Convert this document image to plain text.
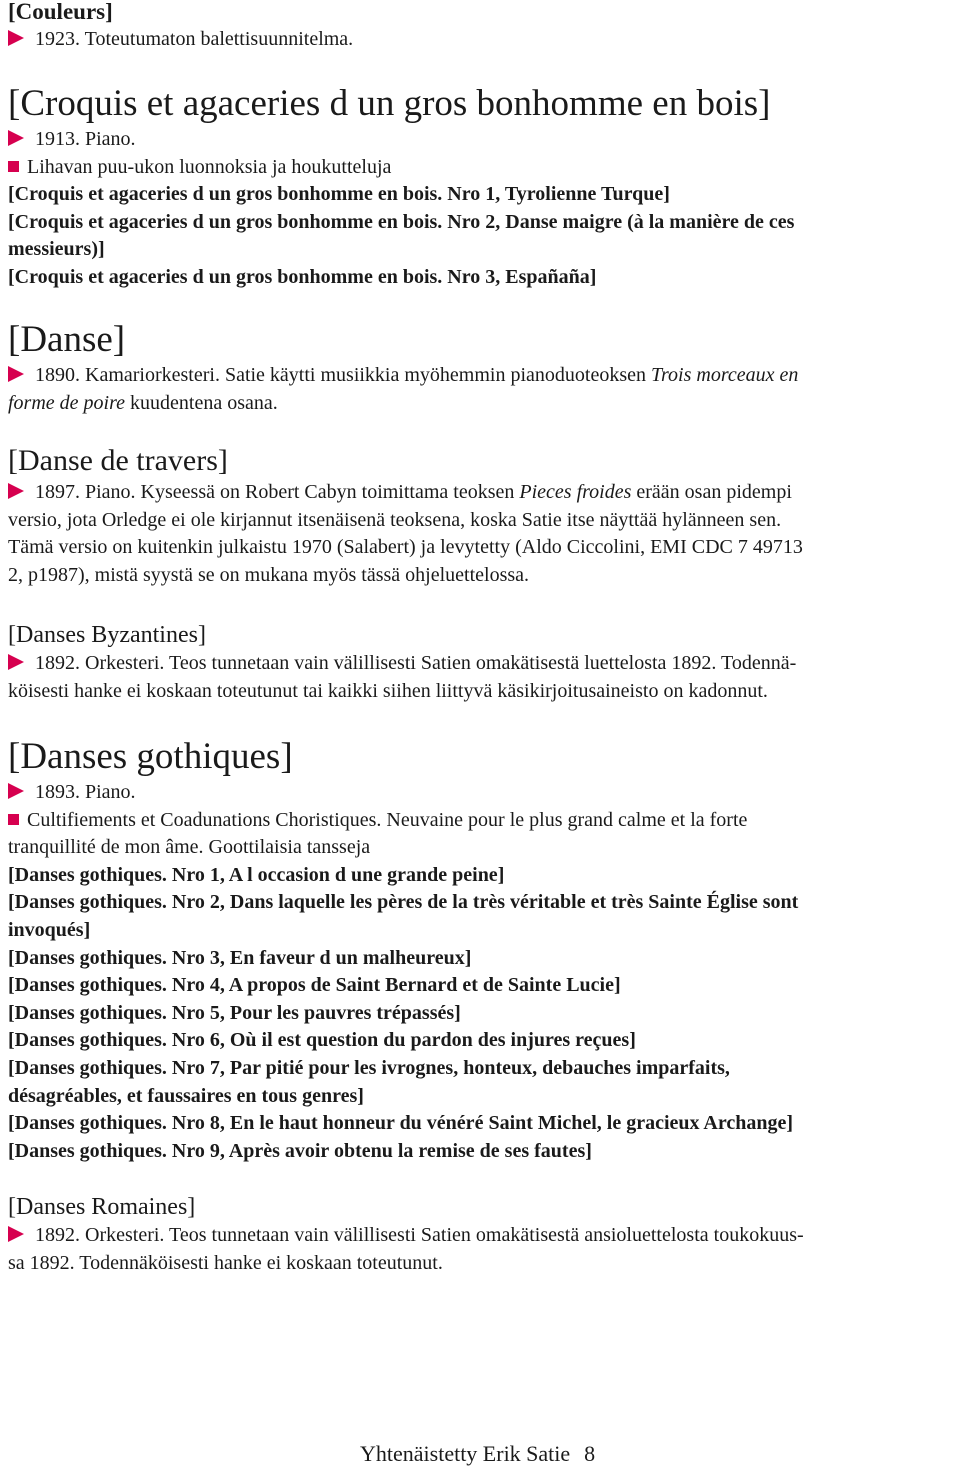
[Couleurs]
1923. Toteutumaton balettisuunnitelma.
[Croquis et agaceries d un gros bonhomme en bois]
1913. Piano.
Lihavan puu-ukon luonnoksia ja houkutteluja
[Croquis et agaceries d un gros bonhomme en bois. Nro 1, Tyrolienne Turque]
[Croquis et agaceries d un gros bonhomme en bois. Nro 2, Danse maigre (à la manière de ces
messieurs)]
[Croquis et agaceries d un gros bonhomme en bois. Nro 3, Españaña]
[Danse]
1890. Kamariorkesteri. Satie käytti musiikkia myöhemmin pianoduoteoksen Trois morceaux en
forme de poire kuudentena osana.
[Danse de travers]
1897. Piano. Kyseessä on Robert Cabyn toimittama teoksen Pieces froides erään osan pidempi
versio, jota Orledge ei ole kirjannut itsenäisenä teoksena, koska Satie itse näyttää hylänneen sen.
Tämä versio on kuitenkin julkaistu 1970 (Salabert) ja levytetty (Aldo Ciccolini, EMI CDC 7 49713
2, p1987), mistä syystä se on mukana myös tässä ohjeluettelossa.
[Danses Byzantines]
1892. Orkesteri. Teos tunnetaan vain välillisesti Satien omakätisestä luettelosta 1892. Todennä-
köisesti hanke ei koskaan toteutunut tai kaikki siihen liittyvä käsikirjoitusaineisto on kadonnut.
[Danses gothiques]
1893. Piano.
Cultifiements et Coadunations Choristiques. Neuvaine pour le plus grand calme et la forte
tranquillité de mon âme. Goottilaisia tansseja
[Danses gothiques. Nro 1, A l occasion d une grande peine]
[Danses gothiques. Nro 2, Dans laquelle les pères de la très véritable et très Sainte Église sont
invoqués]
[Danses gothiques. Nro 3, En faveur d un malheureux]
[Danses gothiques. Nro 4, A propos de Saint Bernard et de Sainte Lucie]
[Danses gothiques. Nro 5, Pour les pauvres trépassés]
[Danses gothiques. Nro 6, Où il est question du pardon des injures reçues]
[Danses gothiques. Nro 7, Par pitié pour les ivrognes, honteux, debauches imparfaits,
désagréables, et faussaires en tous genres]
[Danses gothiques. Nro 8, En le haut honneur du vénéré Saint Michel, le gracieux Archange]
[Danses gothiques. Nro 9, Après avoir obtenu la remise de ses fautes]
[Danses Romaines]
1892. Orkesteri. Teos tunnetaan vain välillisesti Satien omakätisestä ansioluettelosta toukokuus-
sa 1892. Todennäköisesti hanke ei koskaan toteutunut.
Yhtenäistetty Erik Satie 8
